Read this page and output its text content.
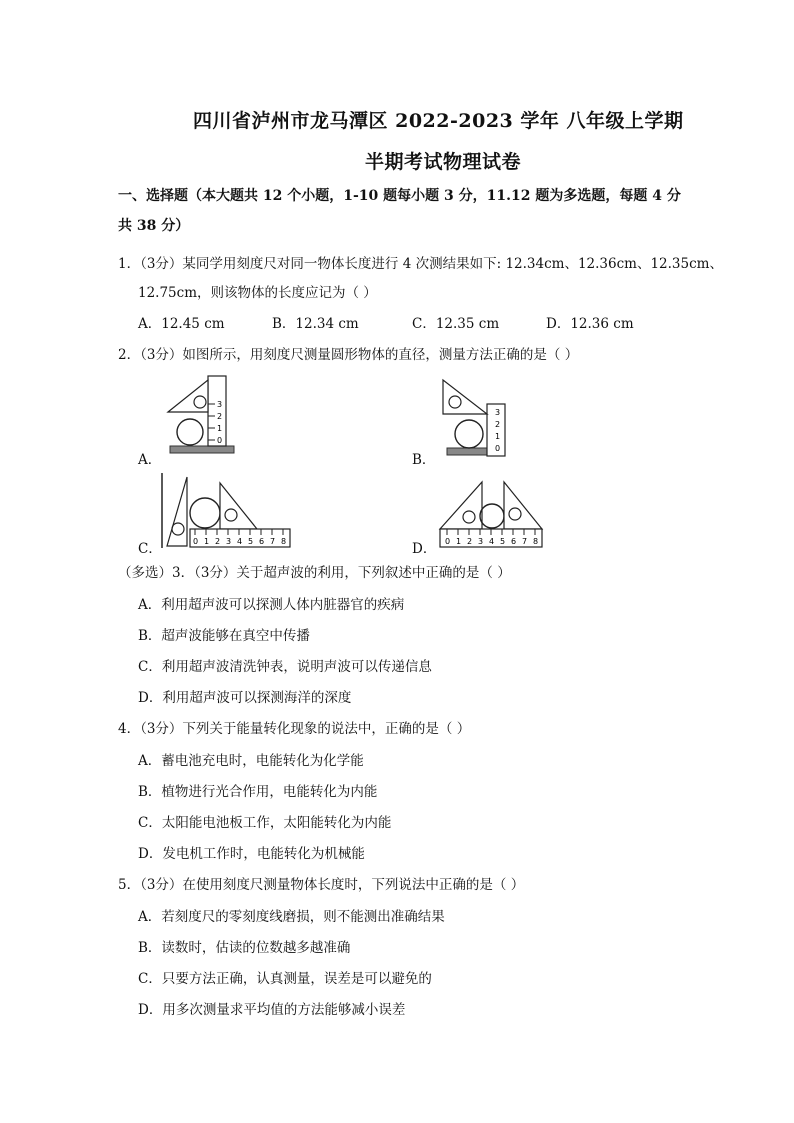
四川省泸州市龙马潭区 2022-2023 学年 八年级上学期
半期考试物理试卷
一、选择题（本大题共 12 个小题，1-10 题每小题 3 分，11.12 题为多选题，每题 4 分共 38 分）
1．（3分）某同学用刻度尺对同一物体长度进行 4 次测结果如下: 12.34cm、12.36cm、12.35cm、
12.75cm，则该物体的长度应记为（ ）
A．12.45 cm	B．12.34 cm	C．12.35 cm	D．12.36 cm
2．（3分）如图所示，用刻度尺测量圆形物体的直径，测量方法正确的是（ ）
3
2
1
0
A．
3
2
1
0
B．
0 1 2 3 4 5 6 7 8
C．	0 1 2 3 4 5 6 7 8
D．
（多选）3．（3分）关于超声波的利用，下列叙述中正确的是（ ）
A．利用超声波可以探测人体内脏器官的疾病
B．超声波能够在真空中传播
C．利用超声波清洗钟表，说明声波可以传递信息
D．利用超声波可以探测海洋的深度
4．（3分）下列关于能量转化现象的说法中，正确的是（ ）
A．蓄电池充电时，电能转化为化学能
B．植物进行光合作用，电能转化为内能
C．太阳能电池板工作，太阳能转化为内能
D．发电机工作时，电能转化为机械能
5．（3分）在使用刻度尺测量物体长度时，下列说法中正确的是（ ）
A．若刻度尺的零刻度线磨损，则不能测出准确结果
B．读数时，估读的位数越多越准确
C．只要方法正确，认真测量，误差是可以避免的
D．用多次测量求平均值的方法能够减小误差
